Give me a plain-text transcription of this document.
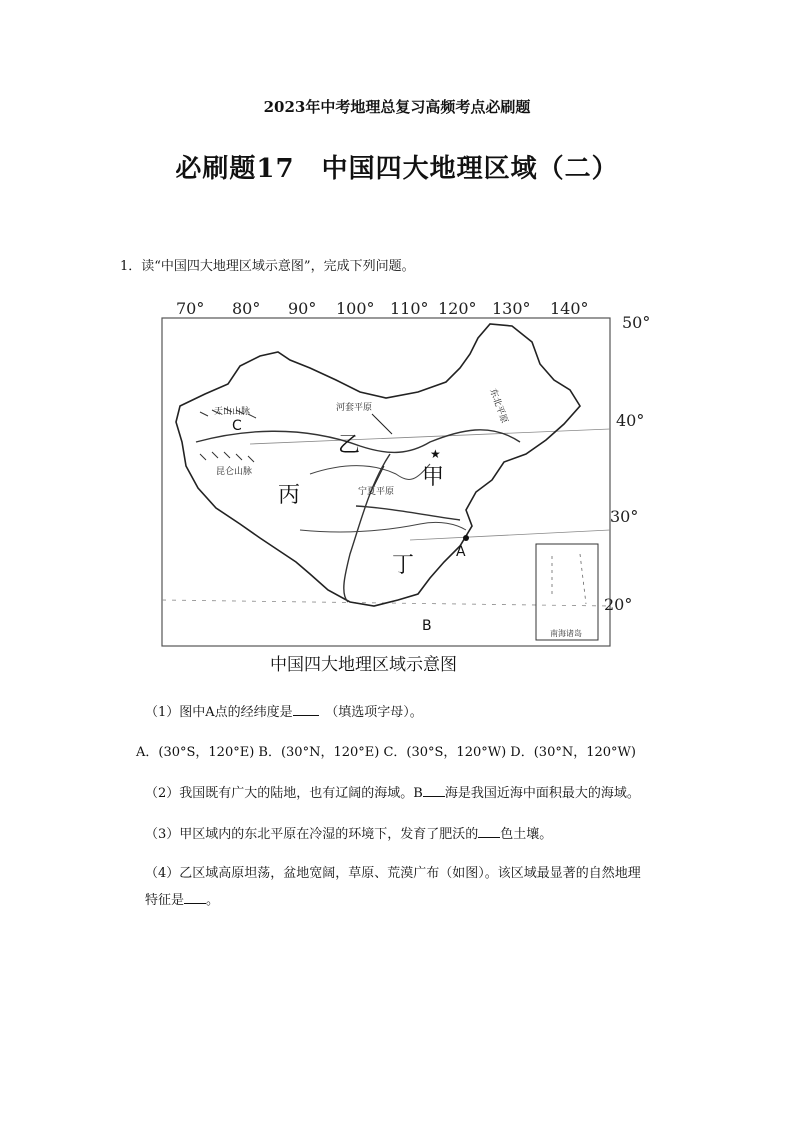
2023年中考地理总复习高频考点必刷题
必刷题17　中国四大地理区域（二）
1．读“中国四大地理区域示意图”，完成下列问题。
70° 80° 90° 100° 110° 120° 130° 140°
50°
40°
30°
20°
甲
乙
丙
丁
A
B
C
★
天山山脉
昆仑山脉
河套平原
宁夏平原
东北平原
南海诸岛
中国四大地理区域示意图
（1）图中A点的经纬度是　	（填选项字母）。
A．(30°S，120°E) B．(30°N，120°E) C．(30°S，120°W) D．(30°N，120°W)
（2）我国既有广大的陆地，也有辽阔的海域。B 海是我国近海中面积最大的海域。
（3）甲区域内的东北平原在冷湿的环境下，发育了肥沃的 色土壤。
（4）乙区域高原坦荡，盆地宽阔，草原、荒漠广布（如图）。该区域最显著的自然地理
特征是 。
